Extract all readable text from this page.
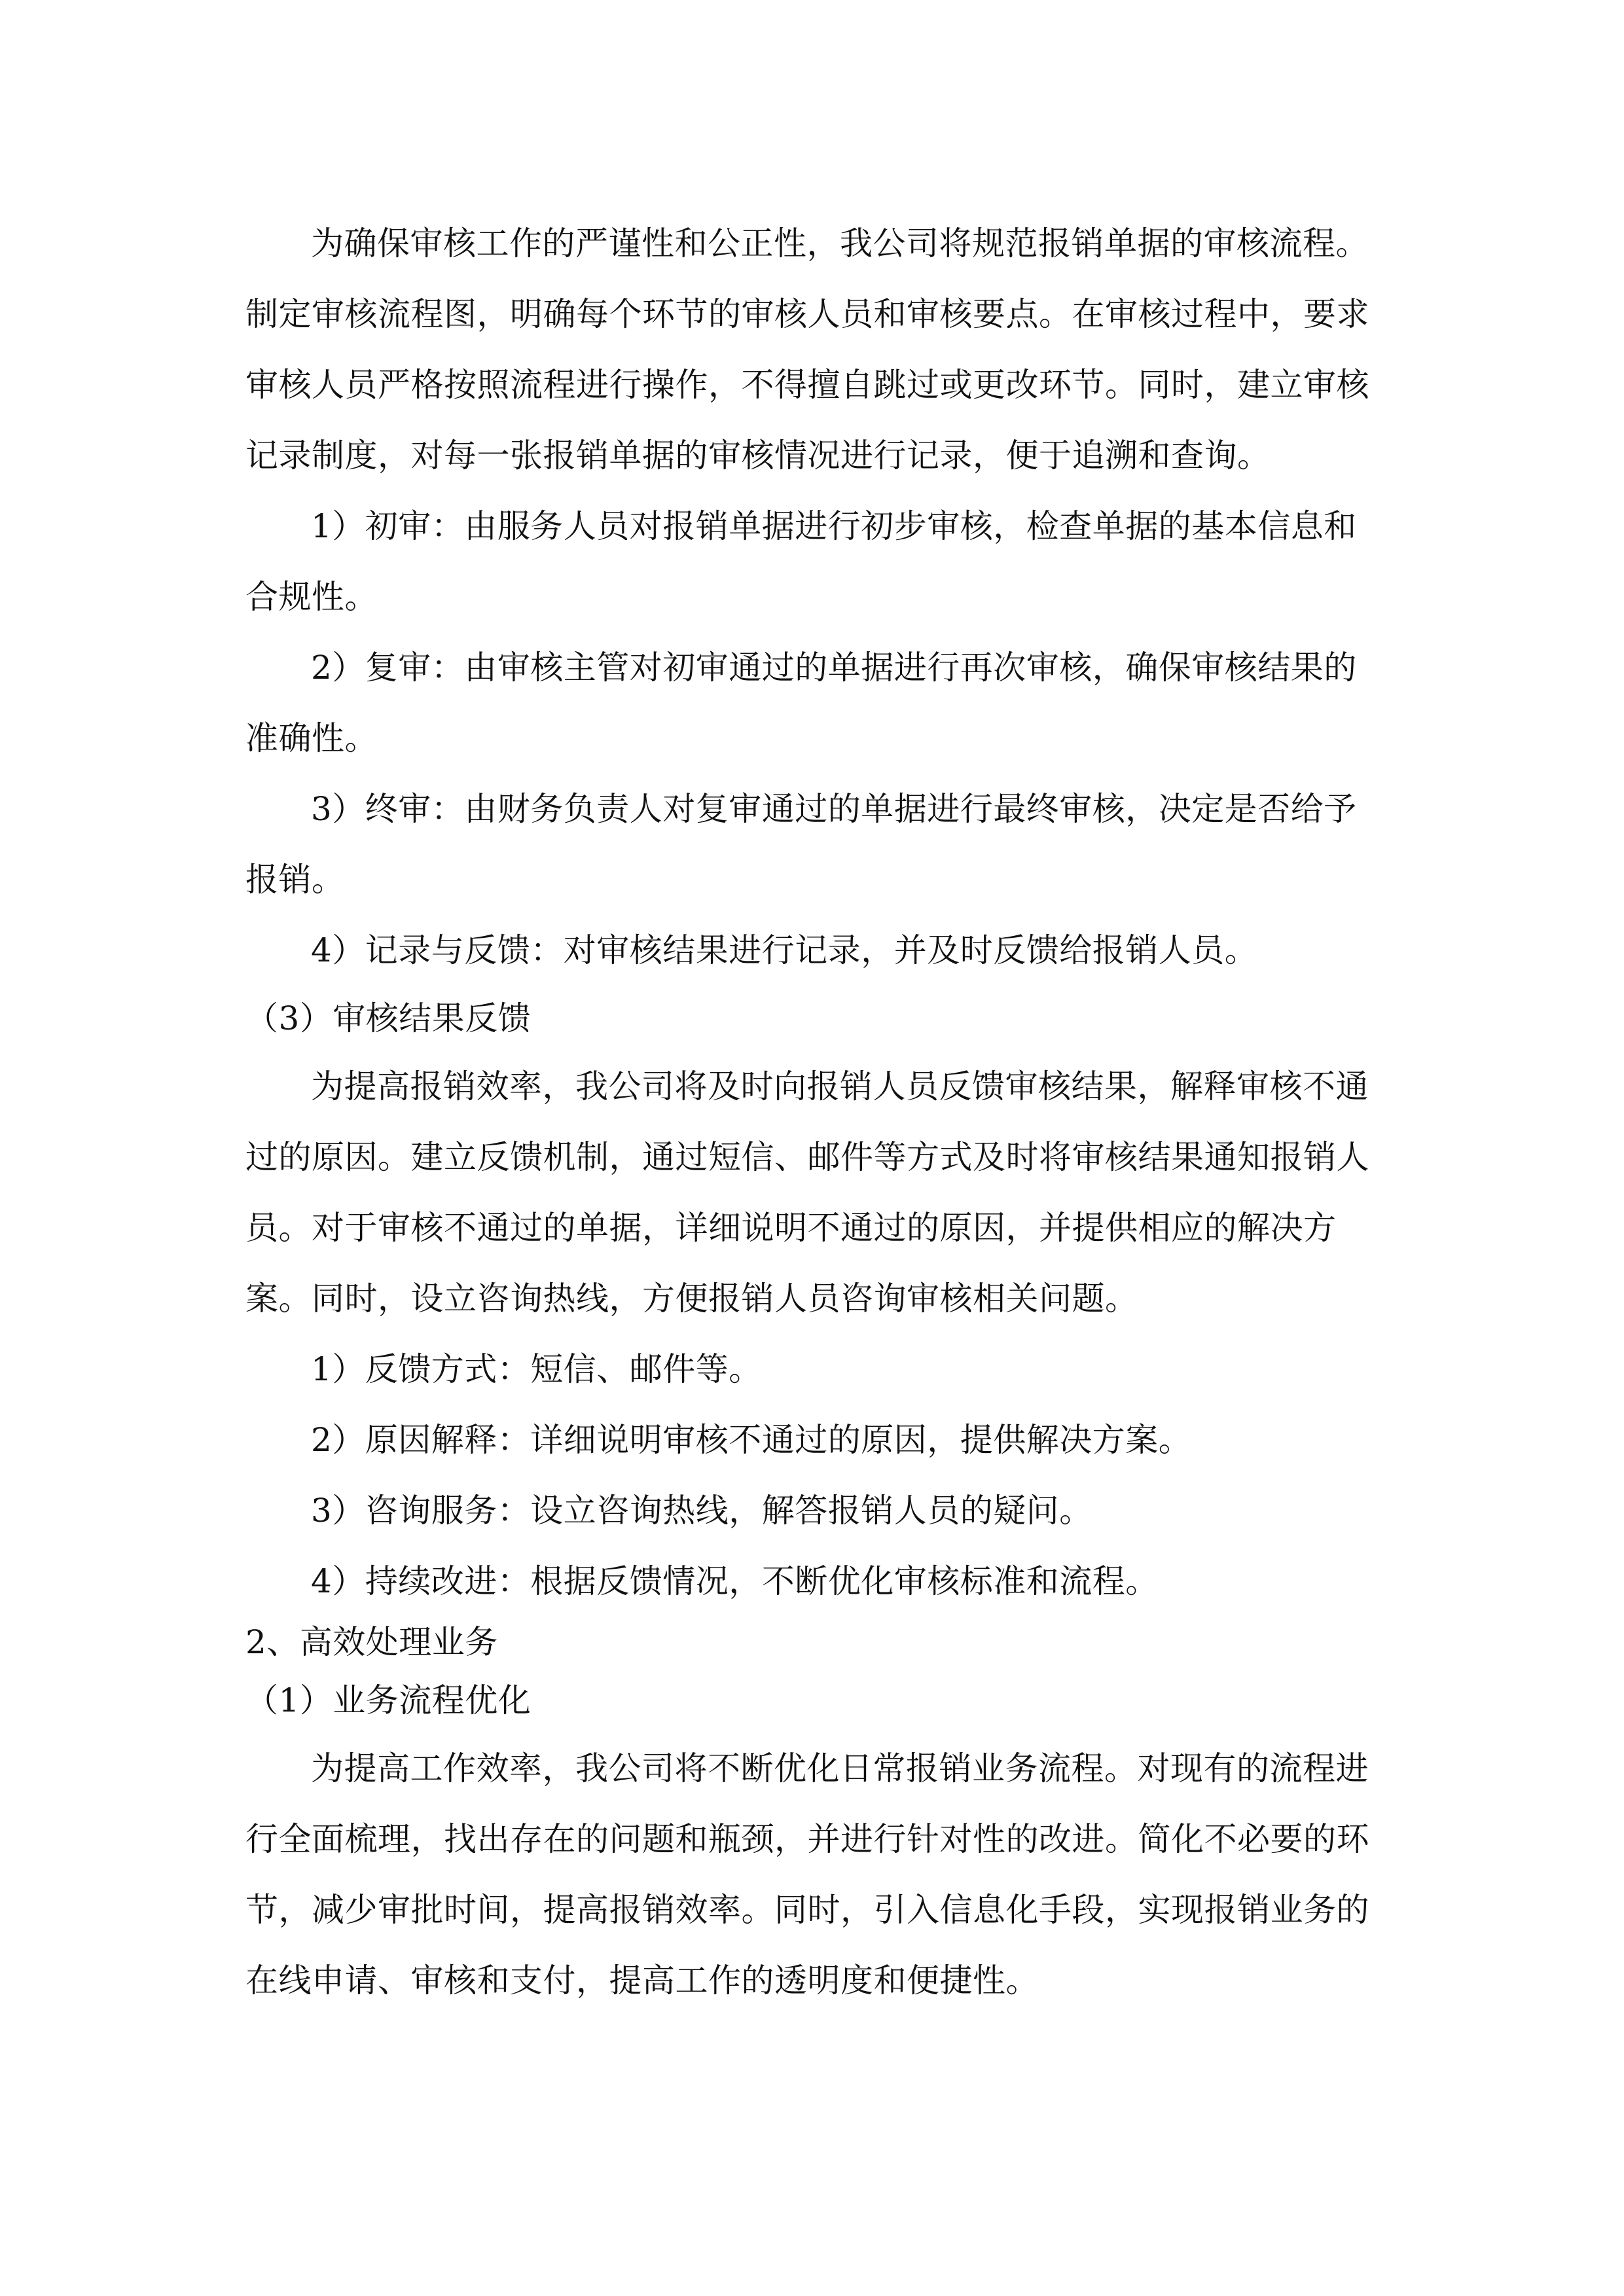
为确保审核工作的严谨性和公正性，我公司将规范报销单据的审核流程。制定审核流程图，明确每个环节的审核人员和审核要点。在审核过程中，要求审核人员严格按照流程进行操作，不得擅自跳过或更改环节。同时，建立审核记录制度，对每一张报销单据的审核情况进行记录，便于追溯和查询。

1）初审：由服务人员对报销单据进行初步审核，检查单据的基本信息和合规性。

2）复审：由审核主管对初审通过的单据进行再次审核，确保审核结果的准确性。

3）终审：由财务负责人对复审通过的单据进行最终审核，决定是否给予报销。

4）记录与反馈：对审核结果进行记录，并及时反馈给报销人员。

（3）审核结果反馈

为提高报销效率，我公司将及时向报销人员反馈审核结果，解释审核不通过的原因。建立反馈机制，通过短信、邮件等方式及时将审核结果通知报销人员。对于审核不通过的单据，详细说明不通过的原因，并提供相应的解决方案。同时，设立咨询热线，方便报销人员咨询审核相关问题。

1）反馈方式：短信、邮件等。

2）原因解释：详细说明审核不通过的原因，提供解决方案。

3）咨询服务：设立咨询热线，解答报销人员的疑问。

4）持续改进：根据反馈情况，不断优化审核标准和流程。

2、高效处理业务

（1）业务流程优化

为提高工作效率，我公司将不断优化日常报销业务流程。对现有的流程进行全面梳理，找出存在的问题和瓶颈，并进行针对性的改进。简化不必要的环节，减少审批时间，提高报销效率。同时，引入信息化手段，实现报销业务的在线申请、审核和支付，提高工作的透明度和便捷性。
